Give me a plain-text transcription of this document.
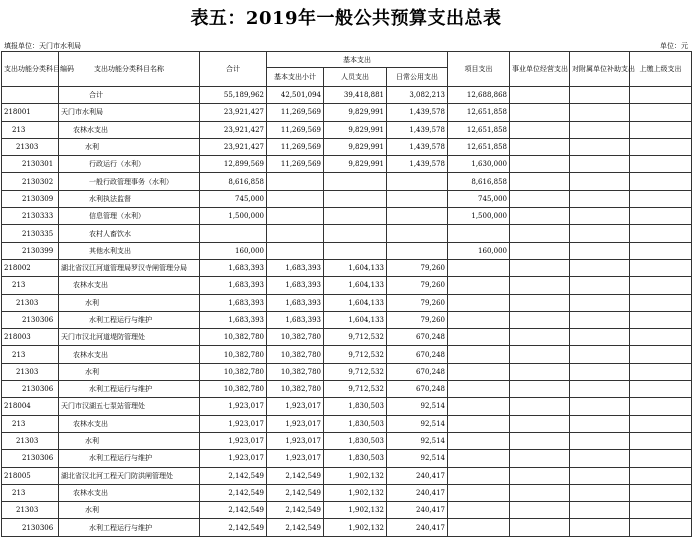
表五：2019年一般公共预算支出总表
填报单位：天门市水利局	单位：元
支出功能分类科目编码	支出功能分类科目名称	合计	基本支出			项目支出	事业单位经营支出	对附属单位补助支出	上缴上级支出
			基本支出小计	人员支出	日常公用支出				
	合计	55,189,962	42,501,094	39,418,881	3,082,213	12,688,868			
218001	天门市水利局	23,921,427	11,269,569	9,829,991	1,439,578	12,651,858			
213	农林水支出	23,921,427	11,269,569	9,829,991	1,439,578	12,651,858			
21303	水利	23,921,427	11,269,569	9,829,991	1,439,578	12,651,858			
2130301	行政运行（水利）	12,899,569	11,269,569	9,829,991	1,439,578	1,630,000			
2130302	一般行政管理事务（水利）	8,616,858				8,616,858			
2130309	水利执法监督	745,000				745,000			
2130333	信息管理（水利）	1,500,000				1,500,000			
2130335	农村人畜饮水								
2130399	其他水利支出	160,000				160,000			
218002	湖北省汉江河道管理局罗汉寺闸管理分局	1,683,393	1,683,393	1,604,133	79,260				
213	农林水支出	1,683,393	1,683,393	1,604,133	79,260				
21303	水利	1,683,393	1,683,393	1,604,133	79,260				
2130306	水利工程运行与维护	1,683,393	1,683,393	1,604,133	79,260				
218003	天门市汉北河道堤防管理处	10,382,780	10,382,780	9,712,532	670,248				
213	农林水支出	10,382,780	10,382,780	9,712,532	670,248				
21303	水利	10,382,780	10,382,780	9,712,532	670,248				
2130306	水利工程运行与维护	10,382,780	10,382,780	9,712,532	670,248				
218004	天门市汉湖五七泵站管理处	1,923,017	1,923,017	1,830,503	92,514				
213	农林水支出	1,923,017	1,923,017	1,830,503	92,514				
21303	水利	1,923,017	1,923,017	1,830,503	92,514				
2130306	水利工程运行与维护	1,923,017	1,923,017	1,830,503	92,514				
218005	湖北省汉北河工程天门防洪闸管理处	2,142,549	2,142,549	1,902,132	240,417				
213	农林水支出	2,142,549	2,142,549	1,902,132	240,417				
21303	水利	2,142,549	2,142,549	1,902,132	240,417				
2130306	水利工程运行与维护	2,142,549	2,142,549	1,902,132	240,417				
